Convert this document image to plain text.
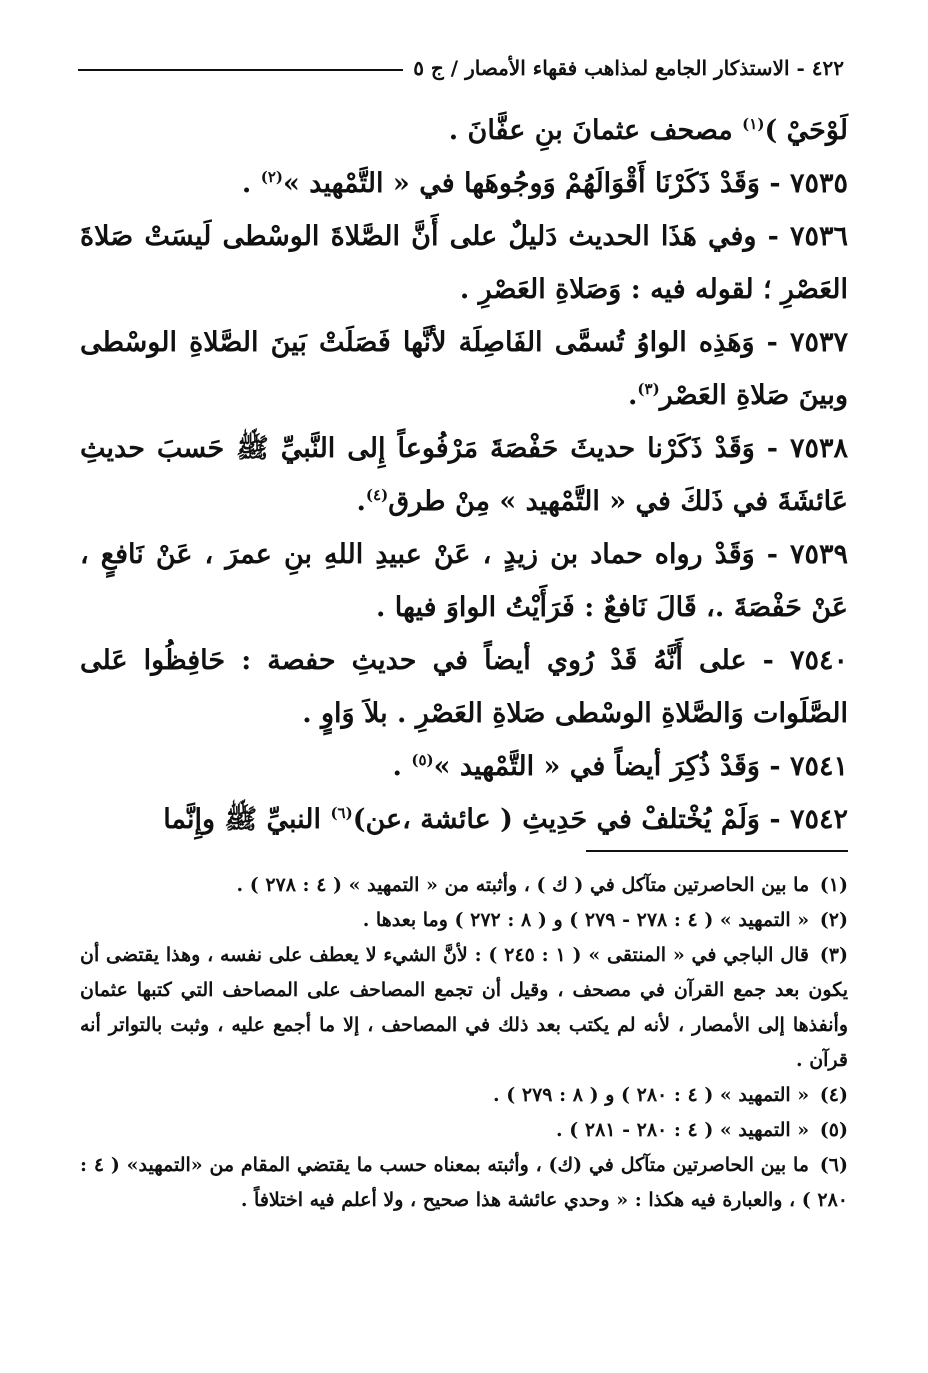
٤٢٢ - الاستذكار الجامع لمذاهب فقهاء الأمصار / ج ٥

لَوْحَيْ )$^{(١)}$ مصحف عثمانَ بنِ عفَّانَ .

٧٥٣٥ - وَقَدْ ذَكَرْنَا أَقْوَالَهُمْ وَوجُوهَها في « التَّمْهيد »$^{(٢)}$ .

٧٥٣٦ - وفي هَذَا الحديث دَليلٌ على أَنَّ الصَّلاةَ الوسْطى لَيسَتْ صَلاةَ العَصْرِ ؛ لقوله فيه : وَصَلاةِ العَصْرِ .

٧٥٣٧ - وَهَذِه الواوُ تُسمَّى الفَاصِلَة لأنَّها فَصَلَتْ بَينَ الصَّلاةِ الوسْطى وبينَ صَلاةِ العَصْر$^{(٣)}$.

٧٥٣٨ - وَقَدْ ذَكَرْنا حديثَ حَفْصَةَ مَرْفُوعاً إِلى النَّبيِّ ﷺ حَسبَ حديثِ عَائشَةَ في ذَلكَ في « التَّمْهيد » مِنْ طرق$^{(٤)}$.

٧٥٣٩ - وَقَدْ رواه حماد بن زيدٍ ، عَنْ عبيدِ اللهِ بنِ عمرَ ، عَنْ نَافعٍ ، عَنْ حَفْصَةَ .، قَالَ نَافعٌ : فَرَأَيْتُ الواوَ فيها .

٧٥٤٠ - على أَنَّهُ قَدْ رُوي أيضاً في حديثِ حفصة : حَافِظُوا عَلى الصَّلَوات وَالصَّلاةِ الوسْطى صَلاةِ العَصْرِ . بلاَ وَاوٍ .

٧٥٤١ - وَقَدْ ذُكِرَ أيضاً في « التَّمْهيد »$^{(٥)}$ .

٧٥٤٢ - وَلَمْ يُخْتلفْ في حَدِيثِ ( عائشة ،عن)$^{(٦)}$ النبيِّ ﷺ وإِنَّما

(١) ما بين الحاصرتين متآكل في ( ك ) ، وأثبته من « التمهيد » ( ٤ : ٢٧٨ ) .

(٢) « التمهيد » ( ٤ : ٢٧٨ - ٢٧٩ ) و ( ٨ : ٢٧٢ ) وما بعدها .

(٣) قال الباجي في « المنتقى » ( ١ : ٢٤٥ ) : لأنَّ الشيء لا يعطف على نفسه ، وهذا يقتضى أن يكون بعد جمع القرآن في مصحف ، وقيل أن تجمع المصاحف على المصاحف التي كتبها عثمان وأنفذها إلى الأمصار ، لأنه لم يكتب بعد ذلك في المصاحف ، إلا ما أجمع عليه ، وثبت بالتواتر أنه قرآن .

(٤) « التمهيد » ( ٤ : ٢٨٠ ) و ( ٨ : ٢٧٩ ) .

(٥) « التمهيد » ( ٤ : ٢٨٠ - ٢٨١ ) .

(٦) ما بين الحاصرتين متآكل في (ك) ، وأثبته بمعناه حسب ما يقتضي المقام من «التمهيد» ( ٤ : ٢٨٠ ) ، والعبارة فيه هكذا : « وحدي عائشة هذا صحيح ، ولا أعلم فيه اختلافاً .
